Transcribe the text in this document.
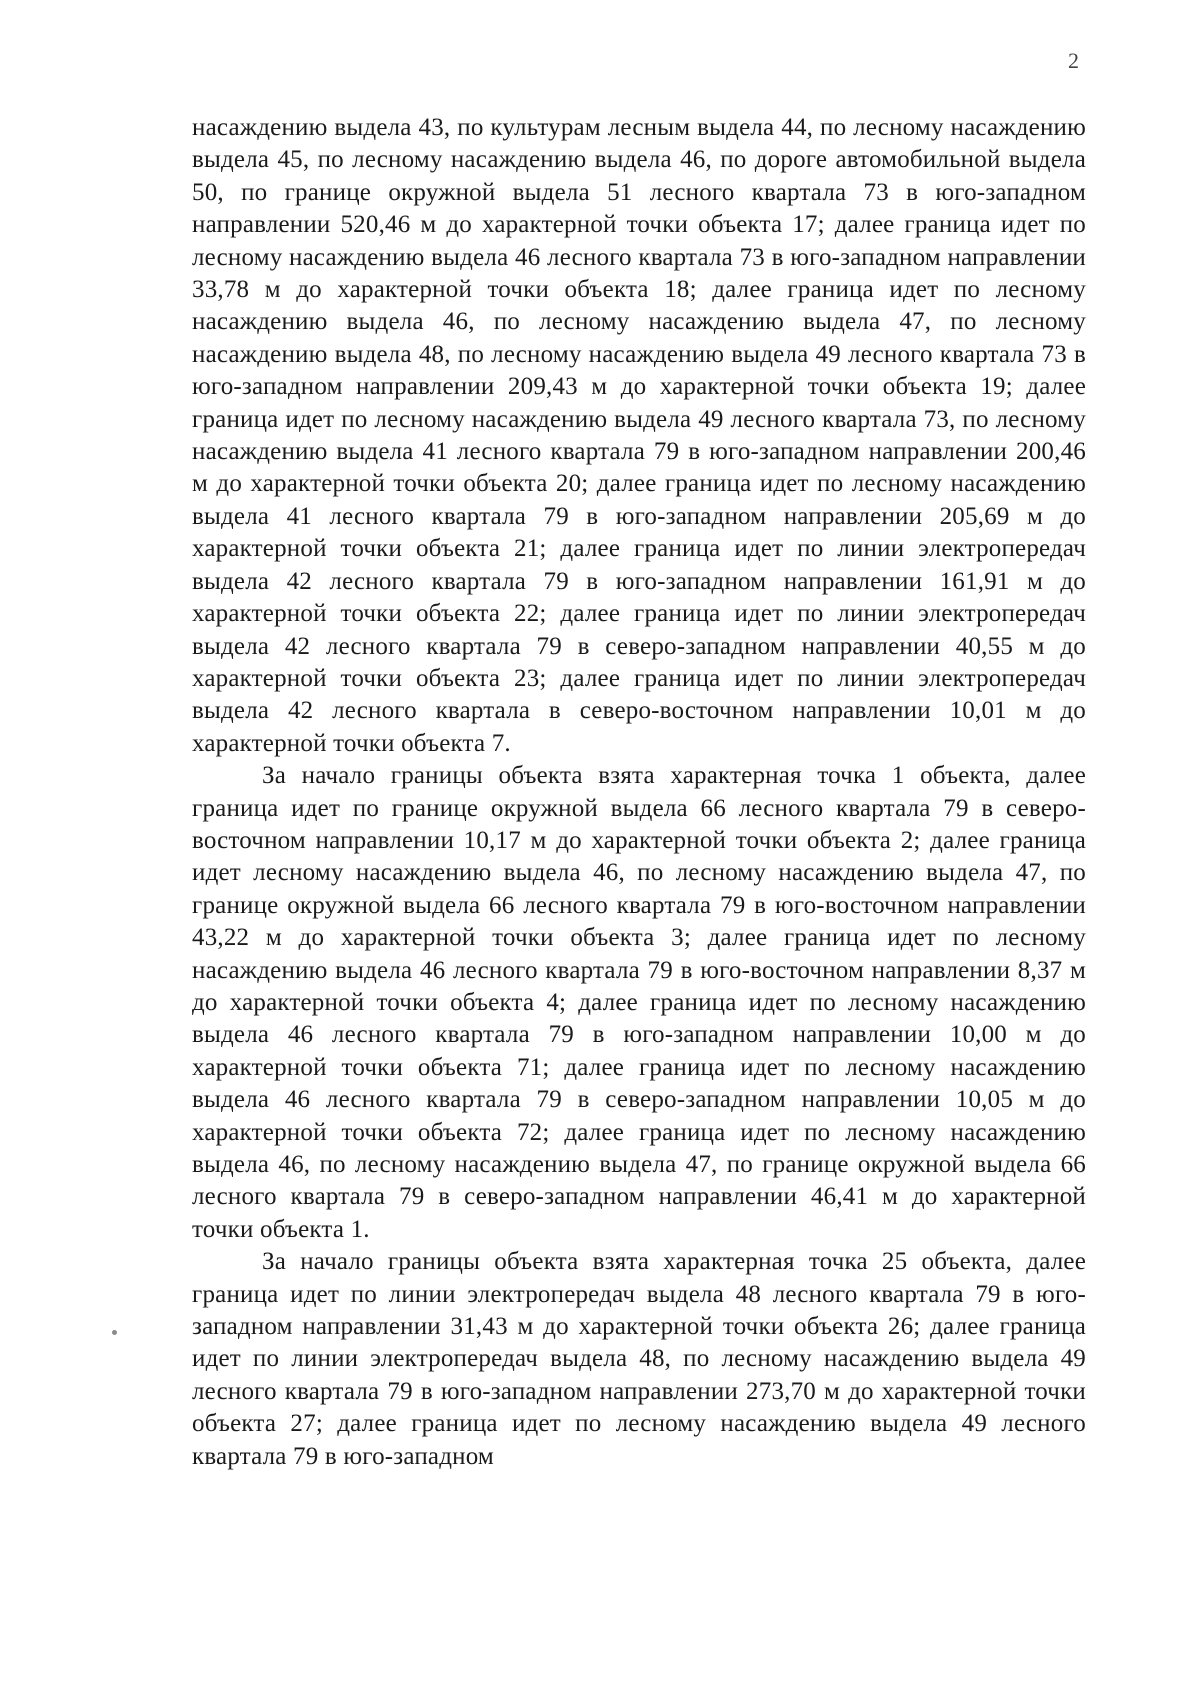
2

насаждению выдела 43, по культурам лесным выдела 44, по лесному насаждению выдела 45, по лесному насаждению выдела 46, по дороге автомобильной выдела 50, по границе окружной выдела 51 лесного квартала 73 в юго-западном направлении 520,46 м до характерной точки объекта 17; далее граница идет по лесному насаждению выдела 46 лесного квартала 73 в юго-западном направлении 33,78 м до характерной точки объекта 18; далее граница идет по лесному насаждению выдела 46, по лесному насаждению выдела 47, по лесному насаждению выдела 48, по лесному насаждению выдела 49 лесного квартала 73 в юго-западном направлении 209,43 м до характерной точки объекта 19; далее граница идет по лесному насаждению выдела 49 лесного квартала 73, по лесному насаждению выдела 41 лесного квартала 79 в юго-западном направлении 200,46 м до характерной точки объекта 20; далее граница идет по лесному насаждению выдела 41 лесного квартала 79 в юго-западном направлении 205,69 м до характерной точки объекта 21; далее граница идет по линии электропередач выдела 42 лесного квартала 79 в юго-западном направлении 161,91 м до характерной точки объекта 22; далее граница идет по линии электропередач выдела 42 лесного квартала 79 в северо-западном направлении 40,55 м до характерной точки объекта 23; далее граница идет по линии электропередач выдела 42 лесного квартала в северо-восточном направлении 10,01 м до характерной точки объекта 7.

За начало границы объекта взята характерная точка 1 объекта, далее граница идет по границе окружной выдела 66 лесного квартала 79 в северо-восточном направлении 10,17 м до характерной точки объекта 2; далее граница идет лесному насаждению выдела 46, по лесному насаждению выдела 47, по границе окружной выдела 66 лесного квартала 79 в юго-восточном направлении 43,22 м до характерной точки объекта 3; далее граница идет по лесному насаждению выдела 46 лесного квартала 79 в юго-восточном направлении 8,37 м до характерной точки объекта 4; далее граница идет по лесному насаждению выдела 46 лесного квартала 79 в юго-западном направлении 10,00 м до характерной точки объекта 71; далее граница идет по лесному насаждению выдела 46 лесного квартала 79 в северо-западном направлении 10,05 м до характерной точки объекта 72; далее граница идет по лесному насаждению выдела 46, по лесному насаждению выдела 47, по границе окружной выдела 66 лесного квартала 79 в северо-западном направлении 46,41 м до характерной точки объекта 1.

За начало границы объекта взята характерная точка 25 объекта, далее граница идет по линии электропередач выдела 48 лесного квартала 79 в юго-западном направлении 31,43 м до характерной точки объекта 26; далее граница идет по линии электропередач выдела 48, по лесному насаждению выдела 49 лесного квартала 79 в юго-западном направлении 273,70 м до характерной точки объекта 27; далее граница идет по лесному насаждению выдела 49 лесного квартала 79 в юго-западном
